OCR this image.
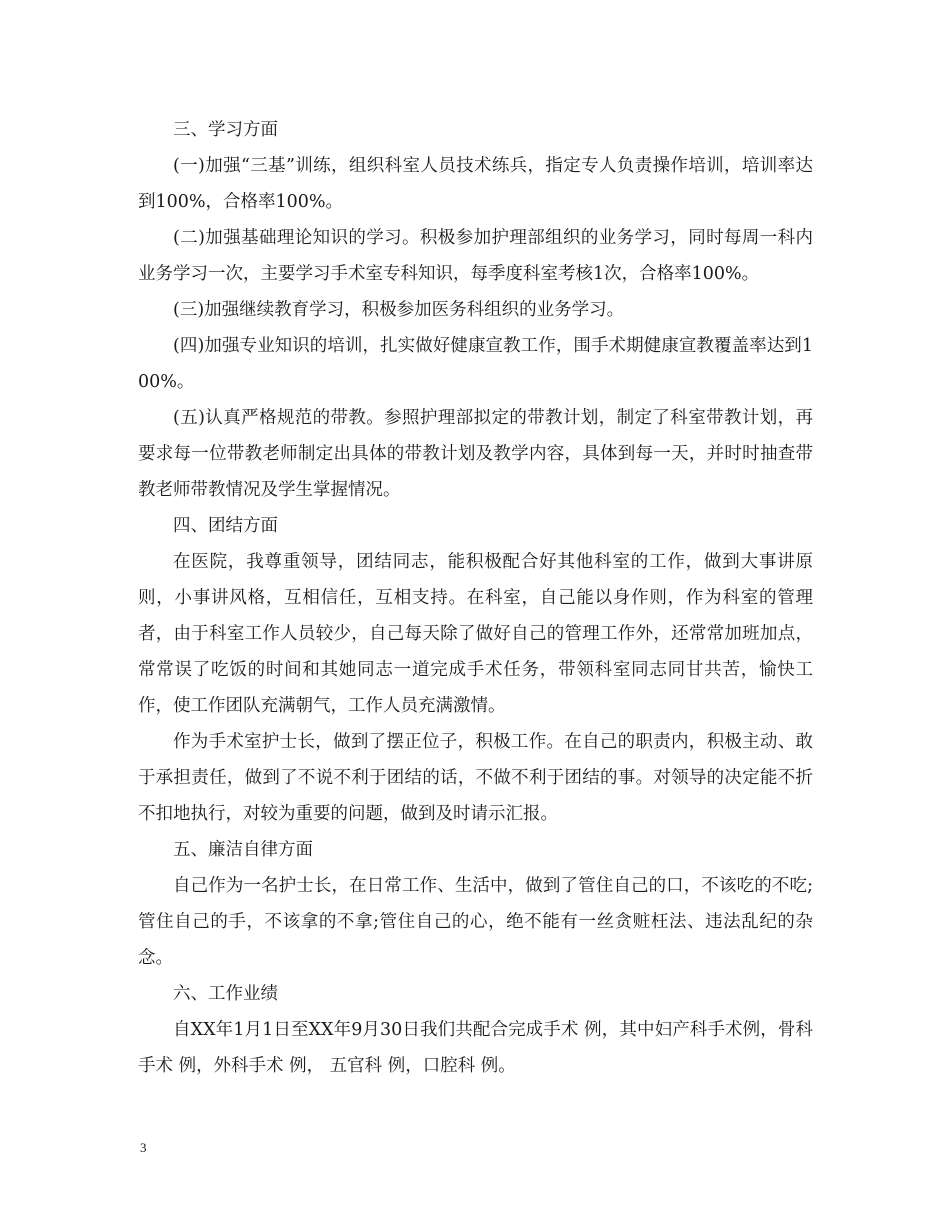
三、学习方面

(一)加强“三基”训练，组织科室人员技术练兵，指定专人负责操作培训，培训率达到100%，合格率100%。

(二)加强基础理论知识的学习。积极参加护理部组织的业务学习，同时每周一科内业务学习一次，主要学习手术室专科知识，每季度科室考核1次，合格率100%。

(三)加强继续教育学习，积极参加医务科组织的业务学习。

(四)加强专业知识的培训，扎实做好健康宣教工作，围手术期健康宣教覆盖率达到100%。

(五)认真严格规范的带教。参照护理部拟定的带教计划，制定了科室带教计划，再要求每一位带教老师制定出具体的带教计划及教学内容，具体到每一天，并时时抽查带教老师带教情况及学生掌握情况。

四、团结方面

在医院，我尊重领导，团结同志，能积极配合好其他科室的工作，做到大事讲原则，小事讲风格，互相信任，互相支持。在科室，自己能以身作则，作为科室的管理者，由于科室工作人员较少，自己每天除了做好自己的管理工作外，还常常加班加点，常常误了吃饭的时间和其她同志一道完成手术任务，带领科室同志同甘共苦，愉快工作，使工作团队充满朝气，工作人员充满激情。

作为手术室护士长，做到了摆正位子，积极工作。在自己的职责内，积极主动、敢于承担责任，做到了不说不利于团结的话，不做不利于团结的事。对领导的决定能不折不扣地执行，对较为重要的问题，做到及时请示汇报。

五、廉洁自律方面

自己作为一名护士长，在日常工作、生活中，做到了管住自己的口，不该吃的不吃;管住自己的手，不该拿的不拿;管住自己的心，绝不能有一丝贪赃枉法、违法乱纪的杂念。

六、工作业绩

自XX年1月1日至XX年9月30日我们共配合完成手术 例，其中妇产科手术例，骨科手术 例，外科手术 例， 五官科 例，口腔科 例。

3
